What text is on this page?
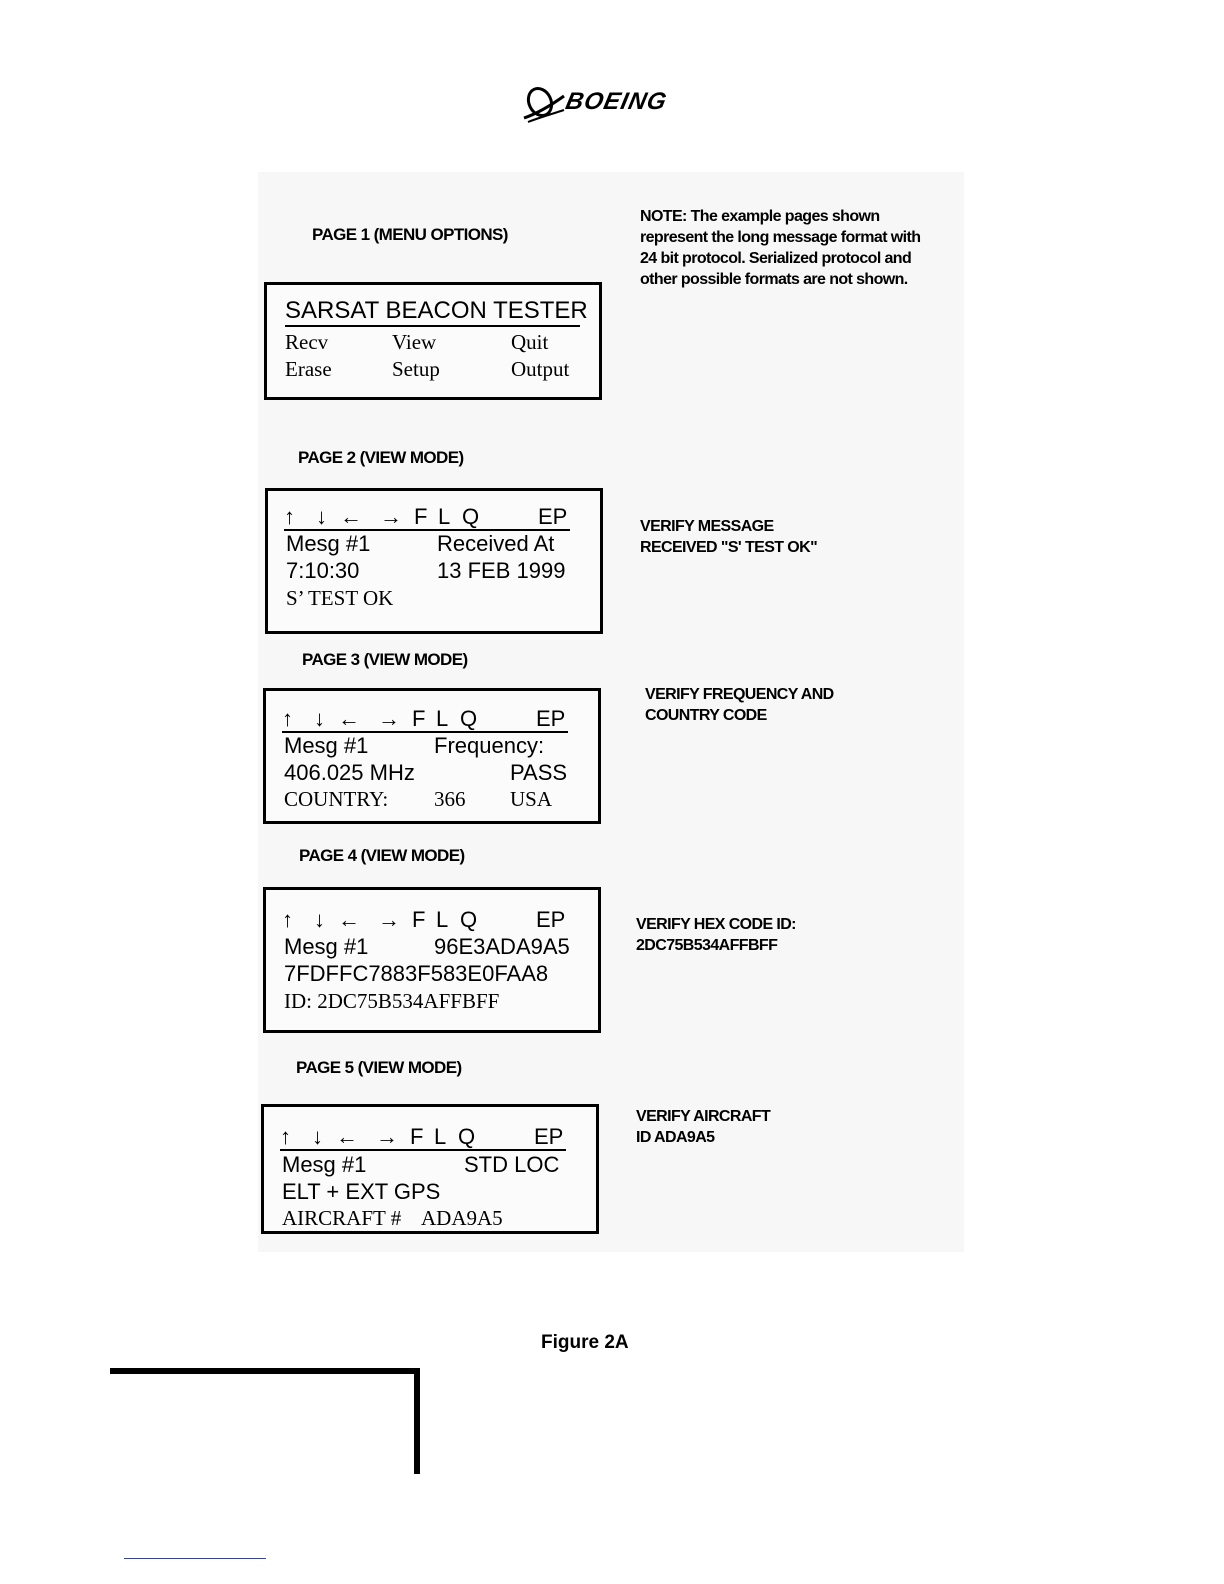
BOEING
NOTE: The example pages shown
represent the long message format with
24 bit protocol. Serialized protocol and
other possible formats are not shown.
PAGE 1 (MENU OPTIONS)
SARSAT BEACON TESTER
Recv	View	Quit
Erase	Setup	Output
PAGE 2 (VIEW MODE)
↑ ↓ ← → F L Q	EP
Mesg #1	Received At
7:10:30	13 FEB 1999
S’ TEST OK
VERIFY MESSAGE
RECEIVED "S' TEST OK"
PAGE 3 (VIEW MODE)
↑ ↓ ← → F L Q	EP
Mesg #1	Frequency:
406.025 MHz	PASS
COUNTRY: 366 USA
VERIFY FREQUENCY AND
COUNTRY CODE
PAGE 4 (VIEW MODE)
↑ ↓ ← → F L Q	EP
Mesg #1	96E3ADA9A5
7FDFFC7883F583E0FAA8
ID: 2DC75B534AFFBFF
VERIFY HEX CODE ID:
2DC75B534AFFBFF
PAGE 5 (VIEW MODE)
↑ ↓ ← → F L Q	EP
Mesg #1	STD LOC
ELT + EXT GPS
AIRCRAFT # ADA9A5
VERIFY AIRCRAFT
ID ADA9A5
Figure 2A
